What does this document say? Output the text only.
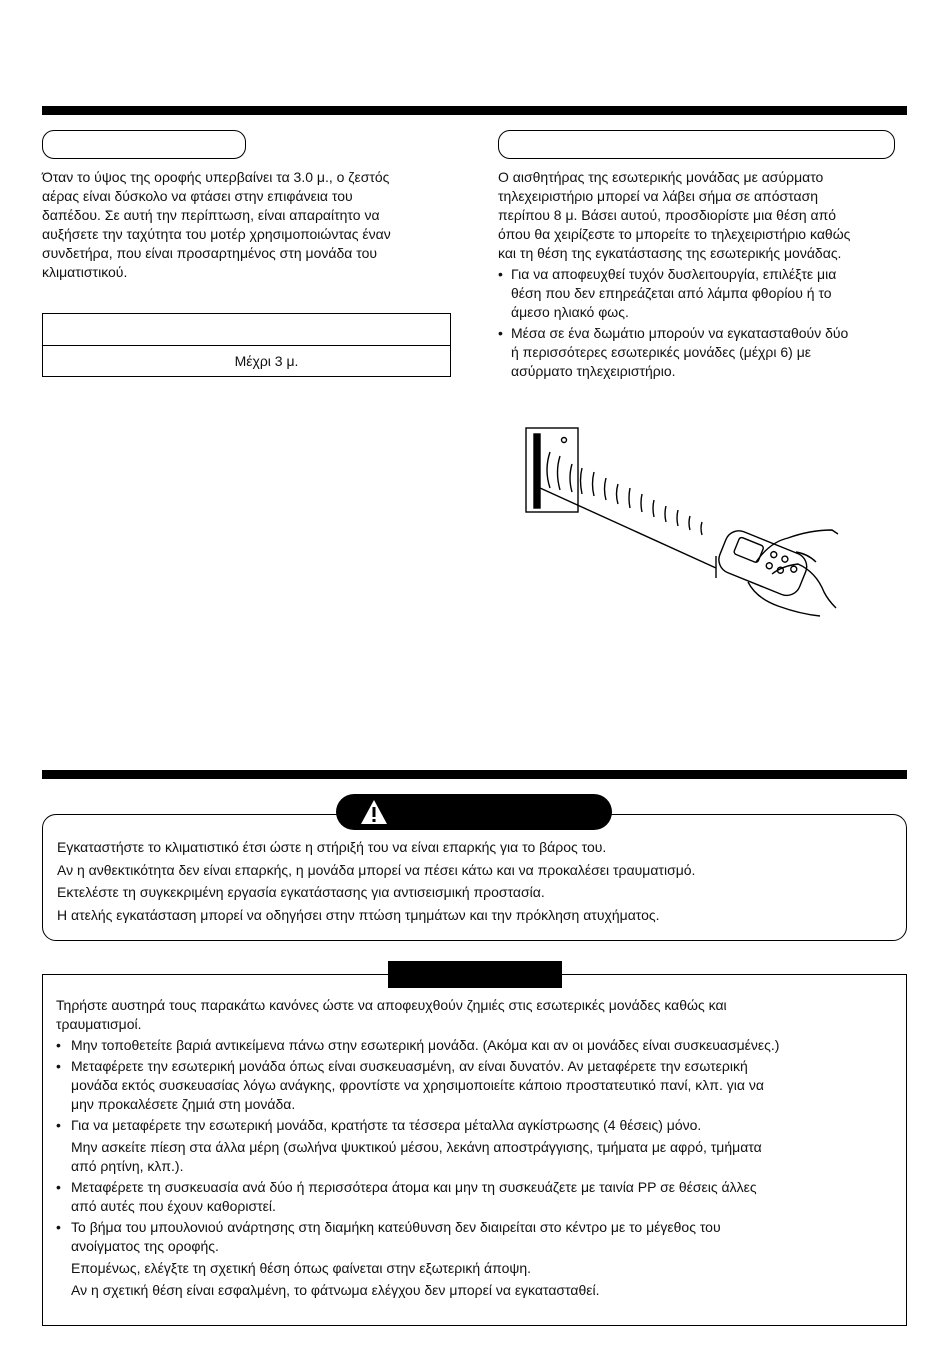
Όταν το ύψος της οροφής υπερβαίνει τα 3.0 μ., ο ζεστός
αέρας είναι δύσκολο να φτάσει στην επιφάνεια του
δαπέδου. Σε αυτή την περίπτωση, είναι απαραίτητο να
αυξήσετε την ταχύτητα του μοτέρ χρησιμοποιώντας έναν
συνδετήρα, που είναι προσαρτημένος στη μονάδα του
κλιματιστικού.
Μέχρι 3 μ.
Ο αισθητήρας της εσωτερικής μονάδας με ασύρματο
τηλεχειριστήριο μπορεί να λάβει σήμα σε απόσταση
περίπου 8 μ. Βάσει αυτού, προσδιορίστε μια θέση από
όπου θα χειρίζεστε το μπορείτε το τηλεχειριστήριο καθώς
και τη θέση της εγκατάστασης της εσωτερικής μονάδας.
• Για να αποφευχθεί τυχόν δυσλειτουργία, επιλέξτε μια
θέση που δεν επηρεάζεται από λάμπα φθορίου ή το
άμεσο ηλιακό φως.
• Μέσα σε ένα δωμάτιο μπορούν να εγκατασταθούν δύο
ή περισσότερες εσωτερικές μονάδες (μέχρι 6) με
ασύρματο τηλεχειριστήριο.
Εγκαταστήστε το κλιματιστικό έτσι ώστε η στήριξή του να είναι επαρκής για το βάρος του.
Αν η ανθεκτικότητα δεν είναι επαρκής, η μονάδα μπορεί να πέσει κάτω και να προκαλέσει τραυματισμό.
Εκτελέστε τη συγκεκριμένη εργασία εγκατάστασης για αντισεισμική προστασία.
Η ατελής εγκατάσταση μπορεί να οδηγήσει στην πτώση τμημάτων και την πρόκληση ατυχήματος.
Τηρήστε αυστηρά τους παρακάτω κανόνες ώστε να αποφευχθούν ζημιές στις εσωτερικές μονάδες καθώς και
τραυματισμοί.
• Μην τοποθετείτε βαριά αντικείμενα πάνω στην εσωτερική μονάδα. (Ακόμα και αν οι μονάδες είναι συσκευασμένες.)
• Μεταφέρετε την εσωτερική μονάδα όπως είναι συσκευασμένη, αν είναι δυνατόν. Αν μεταφέρετε την εσωτερική
μονάδα εκτός συσκευασίας λόγω ανάγκης, φροντίστε να χρησιμοποιείτε κάποιο προστατευτικό πανί, κλπ. για να
μην προκαλέσετε ζημιά στη μονάδα.
• Για να μεταφέρετε την εσωτερική μονάδα, κρατήστε τα τέσσερα μέταλλα αγκίστρωσης (4 θέσεις) μόνο.
Μην ασκείτε πίεση στα άλλα μέρη (σωλήνα ψυκτικού μέσου, λεκάνη αποστράγγισης, τμήματα με αφρό, τμήματα
από ρητίνη, κλπ.).
• Μεταφέρετε τη συσκευασία ανά δύο ή περισσότερα άτομα και μην τη συσκευάζετε με ταινία PP σε θέσεις άλλες
από αυτές που έχουν καθοριστεί.
• Το βήμα του μπουλονιού ανάρτησης στη διαμήκη κατεύθυνση δεν διαιρείται στο κέντρο με το μέγεθος του
ανοίγματος της οροφής.
Επομένως, ελέγξτε τη σχετική θέση όπως φαίνεται στην εξωτερική άποψη.
Αν η σχετική θέση είναι εσφαλμένη, το φάτνωμα ελέγχου δεν μπορεί να εγκατασταθεί.
